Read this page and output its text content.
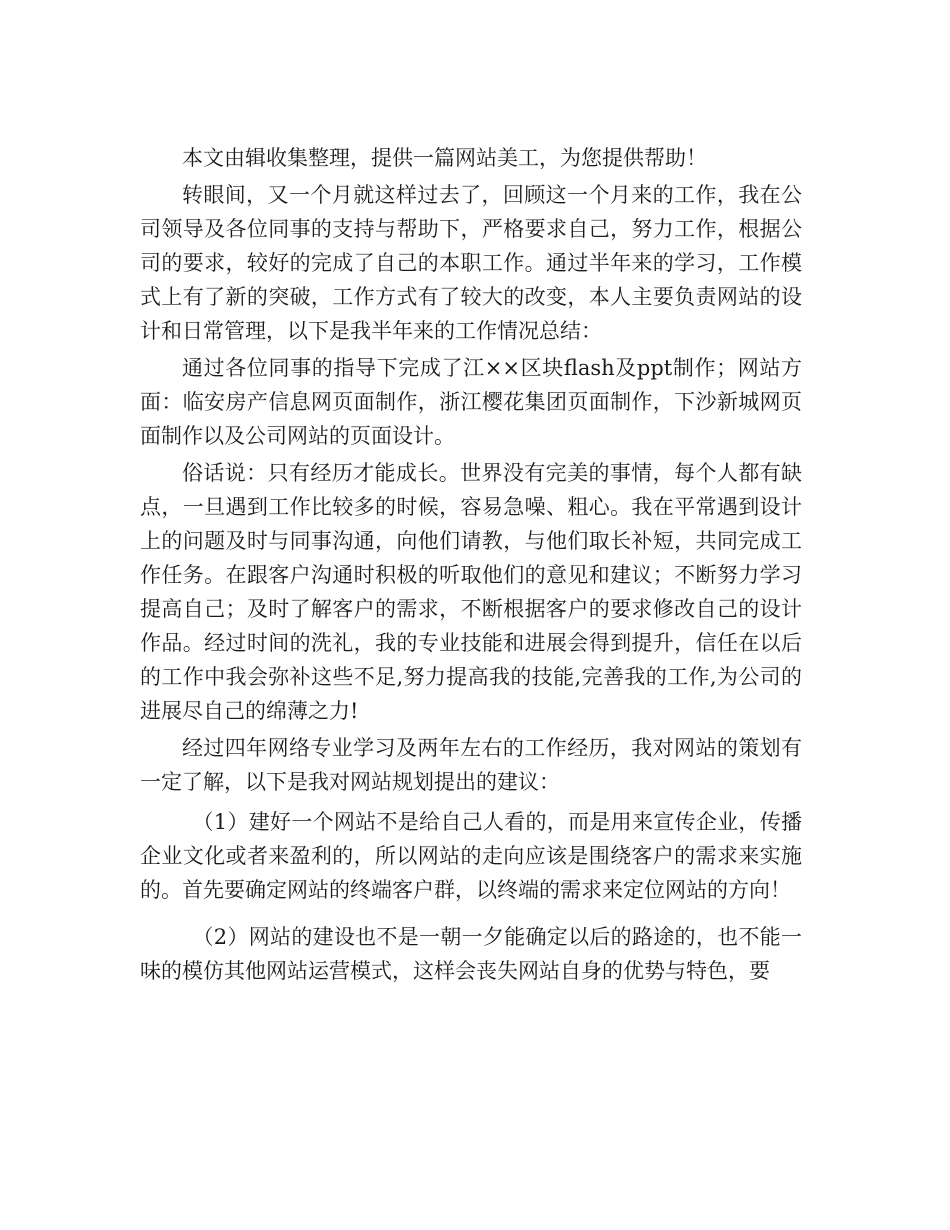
本文由辑收集整理，提供一篇网站美工，为您提供帮助！

转眼间，又一个月就这样过去了，回顾这一个月来的工作，我在公司领导及各位同事的支持与帮助下，严格要求自己，努力工作，根据公司的要求，较好的完成了自己的本职工作。通过半年来的学习，工作模式上有了新的突破，工作方式有了较大的改变，本人主要负责网站的设计和日常管理，以下是我半年来的工作情况总结：

通过各位同事的指导下完成了江××区块flash及ppt制作；网站方面：临安房产信息网页面制作，浙江樱花集团页面制作，下沙新城网页面制作以及公司网站的页面设计。

俗话说：只有经历才能成长。世界没有完美的事情，每个人都有缺点，一旦遇到工作比较多的时候，容易急噪、粗心。我在平常遇到设计上的问题及时与同事沟通，向他们请教，与他们取长补短，共同完成工作任务。在跟客户沟通时积极的听取他们的意见和建议；不断努力学习提高自己；及时了解客户的需求，不断根据客户的要求修改自己的设计作品。经过时间的洗礼，我的专业技能和进展会得到提升，信任在以后的工作中我会弥补这些不足,努力提高我的技能,完善我的工作,为公司的进展尽自己的绵薄之力!

经过四年网络专业学习及两年左右的工作经历，我对网站的策划有一定了解，以下是我对网站规划提出的建议：

（1）建好一个网站不是给自己人看的，而是用来宣传企业，传播企业文化或者来盈利的，所以网站的走向应该是围绕客户的需求来实施的。首先要确定网站的终端客户群，以终端的需求来定位网站的方向！

（2）网站的建设也不是一朝一夕能确定以后的路途的，也不能一味的模仿其他网站运营模式，这样会丧失网站自身的优势与特色，要
